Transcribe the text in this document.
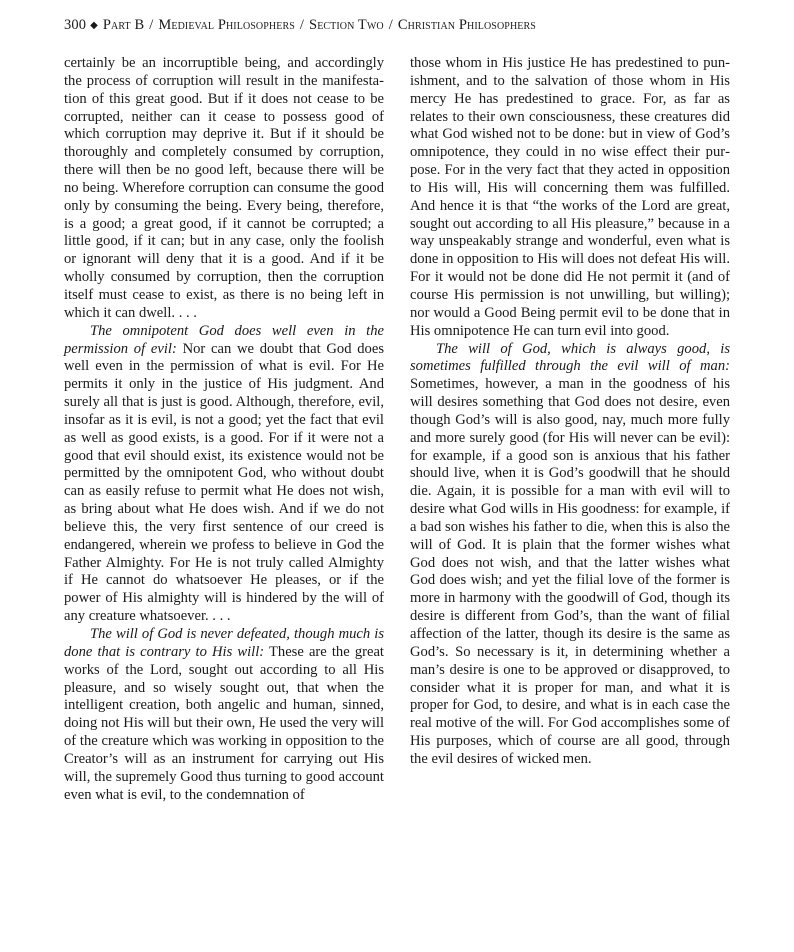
300 ◆ Part B / Medieval Philosophers / Section Two / Christian Philosophers

certainly be an incorruptible being, and accordingly the process of corruption will result in the manifestation of this great good. But if it does not cease to be corrupted, neither can it cease to possess good of which corruption may deprive it. But if it should be thoroughly and completely consumed by corruption, there will then be no good left, because there will be no being. Wherefore corruption can consume the good only by consuming the being. Every being, therefore, is a good; a great good, if it cannot be corrupted; a little good, if it can; but in any case, only the foolish or ignorant will deny that it is a good. And if it be wholly consumed by corruption, then the corruption itself must cease to exist, as there is no being left in which it can dwell. . . .

The omnipotent God does well even in the permission of evil: Nor can we doubt that God does well even in the permission of what is evil. For He permits it only in the justice of His judgment. And surely all that is just is good. Although, therefore, evil, insofar as it is evil, is not a good; yet the fact that evil as well as good exists, is a good. For if it were not a good that evil should exist, its existence would not be permitted by the omnipotent God, who without doubt can as easily refuse to permit what He does not wish, as bring about what He does wish. And if we do not believe this, the very first sentence of our creed is endangered, wherein we profess to believe in God the Father Almighty. For He is not truly called Almighty if He cannot do whatsoever He pleases, or if the power of His almighty will is hindered by the will of any creature whatsoever. . . .

The will of God is never defeated, though much is done that is contrary to His will: These are the great works of the Lord, sought out according to all His pleasure, and so wisely sought out, that when the intelligent creation, both angelic and human, sinned, doing not His will but their own, He used the very will of the creature which was working in opposition to the Creator’s will as an instrument for carrying out His will, the supremely Good thus turning to good account even what is evil, to the condemnation of

those whom in His justice He has predestined to punishment, and to the salvation of those whom in His mercy He has predestined to grace. For, as far as relates to their own consciousness, these creatures did what God wished not to be done: but in view of God’s omnipotence, they could in no wise effect their purpose. For in the very fact that they acted in opposition to His will, His will concerning them was fulfilled. And hence it is that “the works of the Lord are great, sought out according to all His pleasure,” because in a way unspeakably strange and wonderful, even what is done in opposition to His will does not defeat His will. For it would not be done did He not permit it (and of course His permission is not unwilling, but willing); nor would a Good Being permit evil to be done that in His omnipotence He can turn evil into good.

The will of God, which is always good, is sometimes fulfilled through the evil will of man: Sometimes, however, a man in the goodness of his will desires something that God does not desire, even though God’s will is also good, nay, much more fully and more surely good (for His will never can be evil): for example, if a good son is anxious that his father should live, when it is God’s goodwill that he should die. Again, it is possible for a man with evil will to desire what God wills in His goodness: for example, if a bad son wishes his father to die, when this is also the will of God. It is plain that the former wishes what God does not wish, and that the latter wishes what God does wish; and yet the filial love of the former is more in harmony with the goodwill of God, though its desire is different from God’s, than the want of filial affection of the latter, though its desire is the same as God’s. So necessary is it, in determining whether a man’s desire is one to be approved or disapproved, to consider what it is proper for man, and what it is proper for God, to desire, and what is in each case the real motive of the will. For God accomplishes some of His purposes, which of course are all good, through the evil desires of wicked men.
